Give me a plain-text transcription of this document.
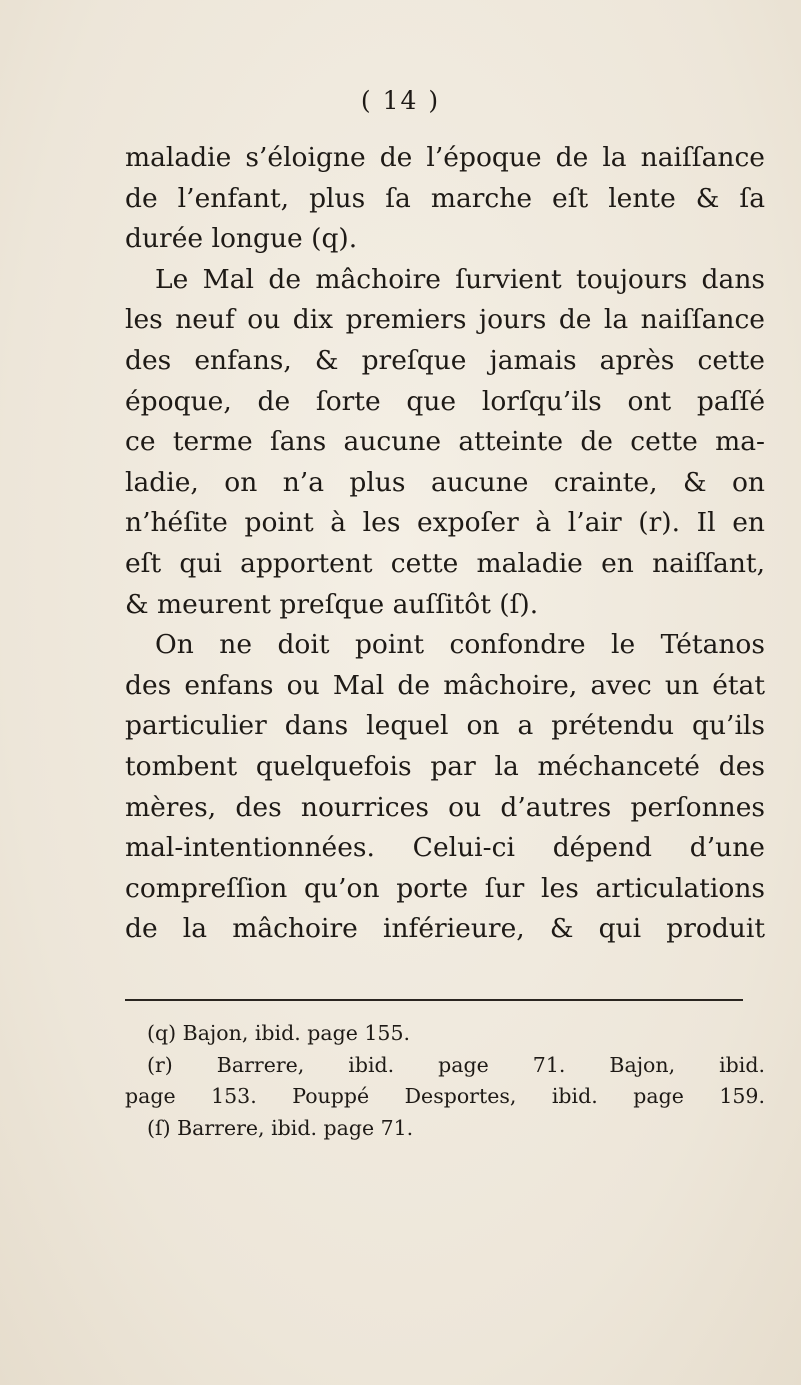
( 14 )
maladie s’éloigne de l’époque de la naiſſance
de l’enfant, plus ſa marche eſt lente & ſa
durée longue (q).
Le Mal de mâchoire ſurvient toujours dans
les neuf ou dix premiers jours de la naiſſance
des enfans, & preſque jamais après cette
époque, de ſorte que lorſqu’ils ont paſſé
ce terme ſans aucune atteinte de cette ma-
ladie, on n’a plus aucune crainte, & on
n’héſite point à les expoſer à l’air (r). Il en
eſt qui apportent cette maladie en naiſſant,
& meurent preſque auſſitôt (ſ).
On ne doit point confondre le Tétanos
des enfans ou Mal de mâchoire, avec un état
particulier dans lequel on a prétendu qu’ils
tombent quelquefois par la méchanceté des
mères, des nourrices ou d’autres perſonnes
mal-intentionnées. Celui-ci dépend d’une
compreſſion qu’on porte ſur les articulations
de la mâchoire inférieure, & qui produit
(q) Bajon, ibid. page 155.
(r) Barrere, ibid. page 71. Bajon, ibid.
page 153. Pouppé Desportes, ibid. page 159.
(ſ) Barrere, ibid. page 71.
